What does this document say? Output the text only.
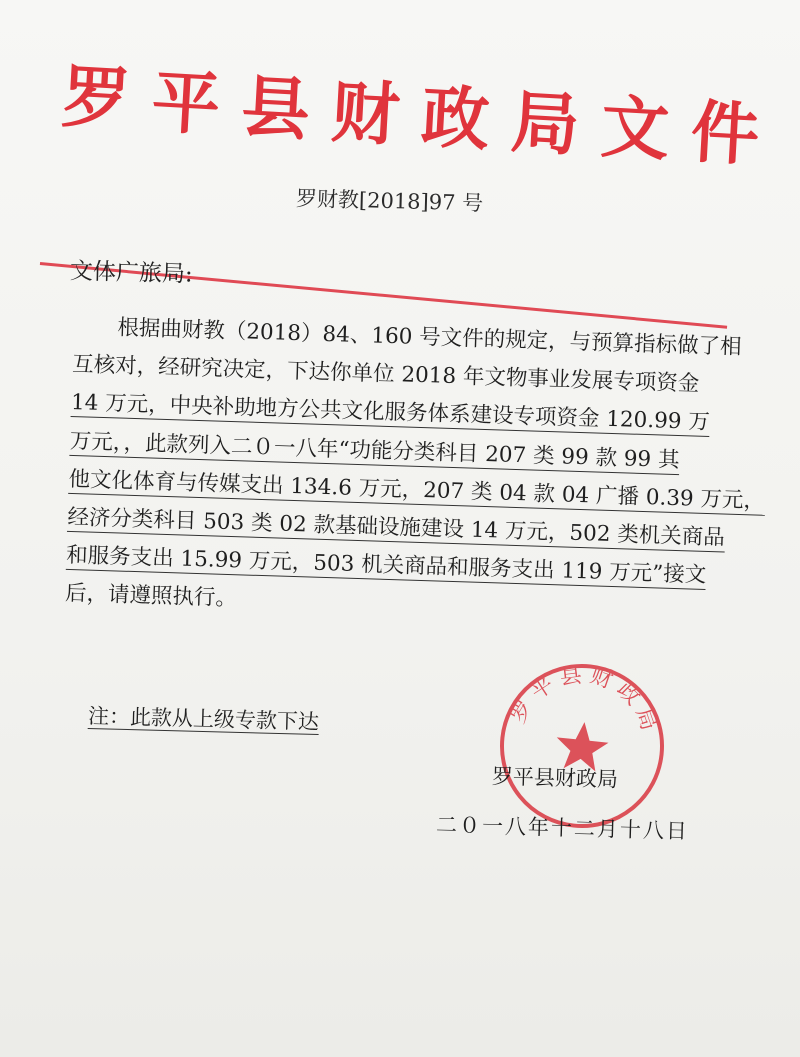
罗平县财政局文件
罗财教[2018]97 号
文体广旅局:
根据曲财教（2018）84、160 号文件的规定，与预算指标做了相
互核对，经研究决定，下达你单位 2018 年文物事业发展专项资金
14 万元，中央补助地方公共文化服务体系建设专项资金 120.99 万
万元，，此款列入二０一八年“功能分类科目 207 类 99 款 99 其
他文化体育与传媒支出 134.6 万元，207 类 04 款 04 广播 0.39 万元，
经济分类科目 503 类 02 款基础设施建设 14 万元，502 类机关商品
和服务支出 15.99 万元，503 机关商品和服务支出 119 万元”接文
后，请遵照执行。
注：此款从上级专款下达	罗平县财政局
罗平县财政局
二０一八年十二月十八日
